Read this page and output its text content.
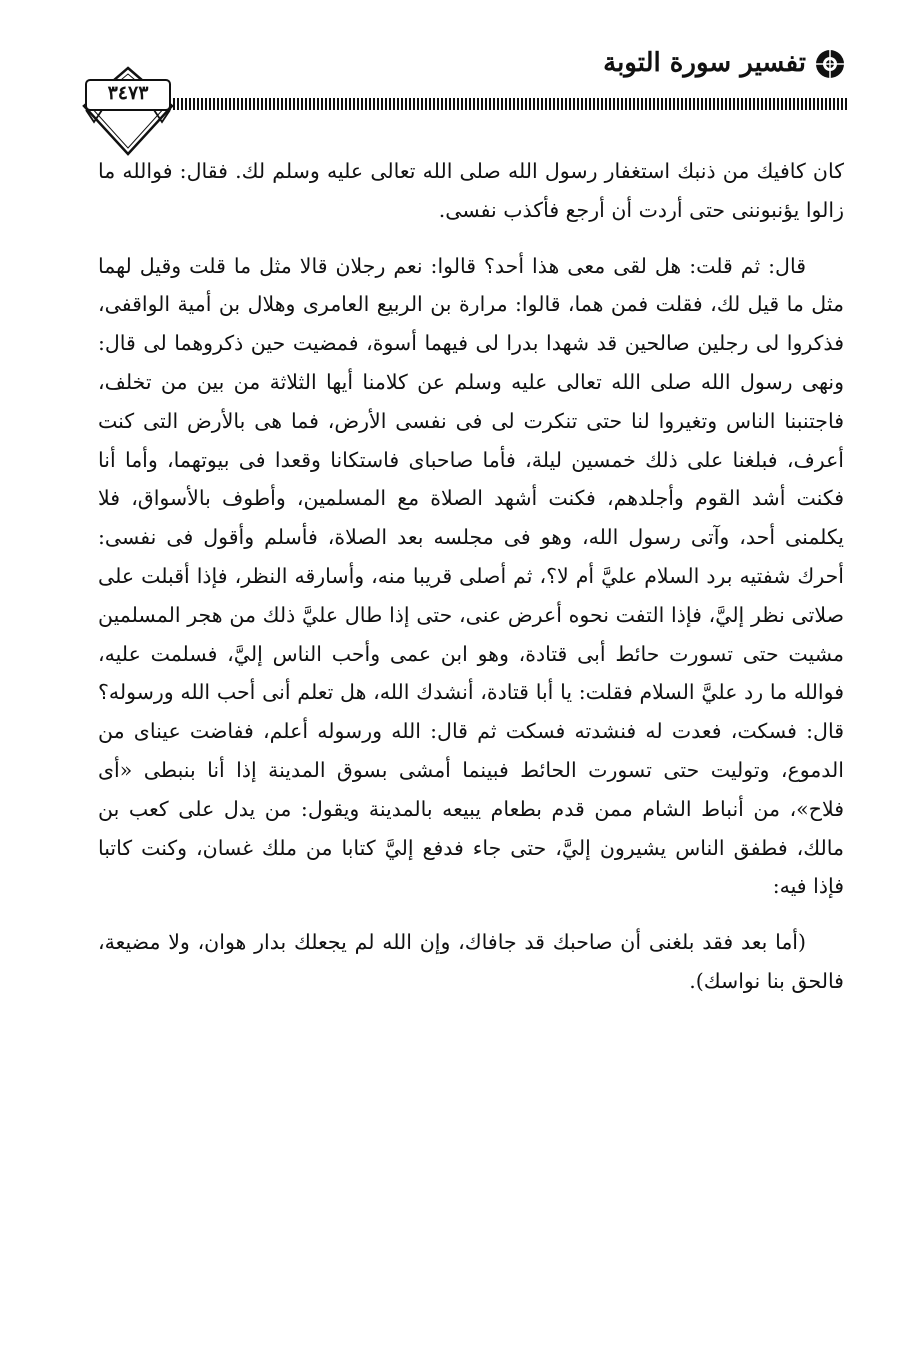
تفسير سورة التوبة
٣٤٧٣

كان كافيك من ذنبك استغفار رسول الله صلى الله تعالى عليه وسلم لك. فقال: فوالله ما زالوا يؤنبوننى حتى أردت أن أرجع فأكذب نفسى.

قال: ثم قلت: هل لقى معى هذا أحد؟ قالوا: نعم رجلان قالا مثل ما قلت وقيل لهما مثل ما قيل لك، فقلت فمن هما، قالوا: مرارة بن الربيع العامرى وهلال بن أمية الواقفى، فذكروا لى رجلين صالحين قد شهدا بدرا لى فيهما أسوة، فمضيت حين ذكروهما لى قال: ونهى رسول الله صلى الله تعالى عليه وسلم عن كلامنا أيها الثلاثة من بين من تخلف، فاجتنبنا الناس وتغيروا لنا حتى تنكرت لى فى نفسى الأرض، فما هى بالأرض التى كنت أعرف، فبلغنا على ذلك خمسين ليلة، فأما صاحباى فاستكانا وقعدا فى بيوتهما، وأما أنا فكنت أشد القوم وأجلدهم، فكنت أشهد الصلاة مع المسلمين، وأطوف بالأسواق، فلا يكلمنى أحد، وآتى رسول الله، وهو فى مجلسه بعد الصلاة، فأسلم وأقول فى نفسى: أحرك شفتيه برد السلام عليَّ أم لا؟، ثم أصلى قريبا منه، وأسارقه النظر، فإذا أقبلت على صلاتى نظر إليَّ، فإذا التفت نحوه أعرض عنى، حتى إذا طال عليَّ ذلك من هجر المسلمين مشيت حتى تسورت حائط أبى قتادة، وهو ابن عمى وأحب الناس إليَّ، فسلمت عليه، فوالله ما رد عليَّ السلام فقلت: يا أبا قتادة، أنشدك الله، هل تعلم أنى أحب الله ورسوله؟ قال: فسكت، فعدت له فنشدته فسكت ثم قال: الله ورسوله أعلم، ففاضت عيناى من الدموع، وتوليت حتى تسورت الحائط فبينما أمشى بسوق المدينة إذا أنا بنبطى «أى فلاح»، من أنباط الشام ممن قدم بطعام يبيعه بالمدينة ويقول: من يدل على كعب بن مالك، فطفق الناس يشيرون إليَّ، حتى جاء فدفع إليَّ كتابا من ملك غسان، وكنت كاتبا فإذا فيه:

(أما بعد فقد بلغنى أن صاحبك قد جافاك، وإن الله لم يجعلك بدار هوان، ولا مضيعة، فالحق بنا نواسك).
